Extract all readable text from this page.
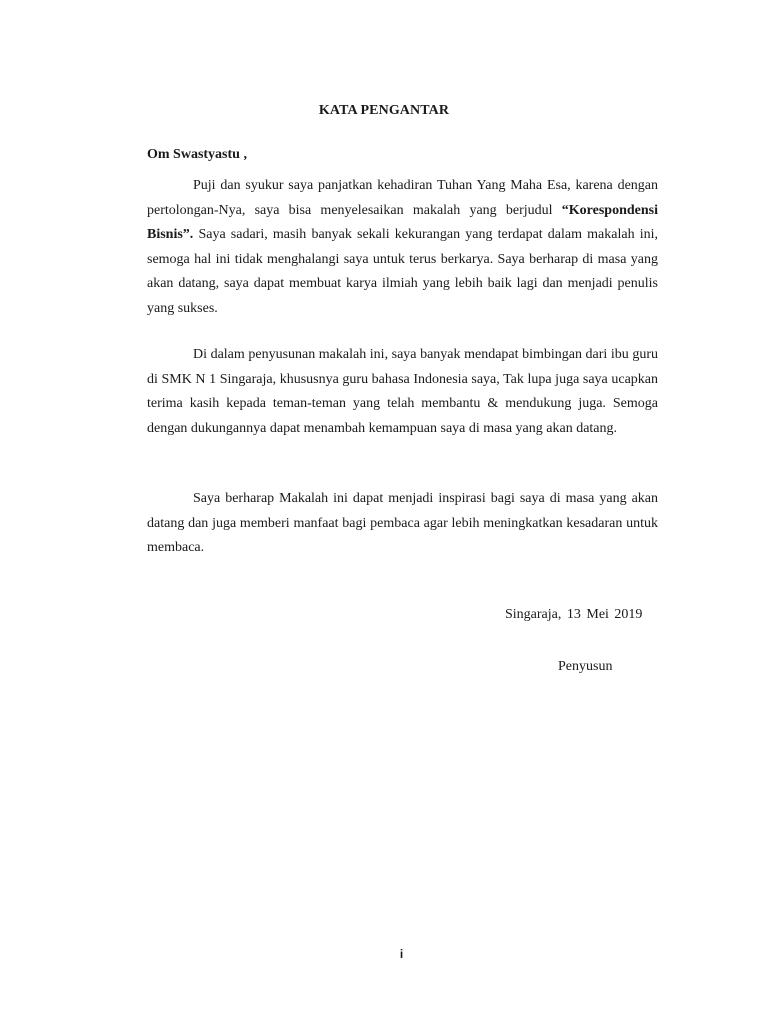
KATA PENGANTAR

Om Swastyastu ,

Puji dan syukur saya panjatkan kehadiran Tuhan Yang Maha Esa, karena dengan pertolongan-Nya, saya bisa menyelesaikan makalah yang berjudul “Korespondensi Bisnis”. Saya sadari, masih banyak sekali kekurangan yang terdapat dalam makalah ini, semoga hal ini tidak menghalangi saya untuk terus berkarya. Saya berharap di masa yang akan datang, saya dapat membuat karya ilmiah yang lebih baik lagi dan menjadi penulis yang sukses.

Di dalam penyusunan makalah ini, saya banyak mendapat bimbingan dari ibu guru di SMK N 1 Singaraja, khususnya guru bahasa Indonesia saya, Tak lupa juga saya ucapkan terima kasih kepada teman-teman yang telah membantu & mendukung juga. Semoga dengan dukungannya dapat menambah kemampuan saya di masa yang akan datang.

Saya berharap Makalah ini dapat menjadi inspirasi bagi saya di masa yang akan datang dan juga memberi manfaat bagi pembaca agar lebih meningkatkan kesadaran untuk membaca.

Singaraja, 13 Mei 2019

Penyusun

i
